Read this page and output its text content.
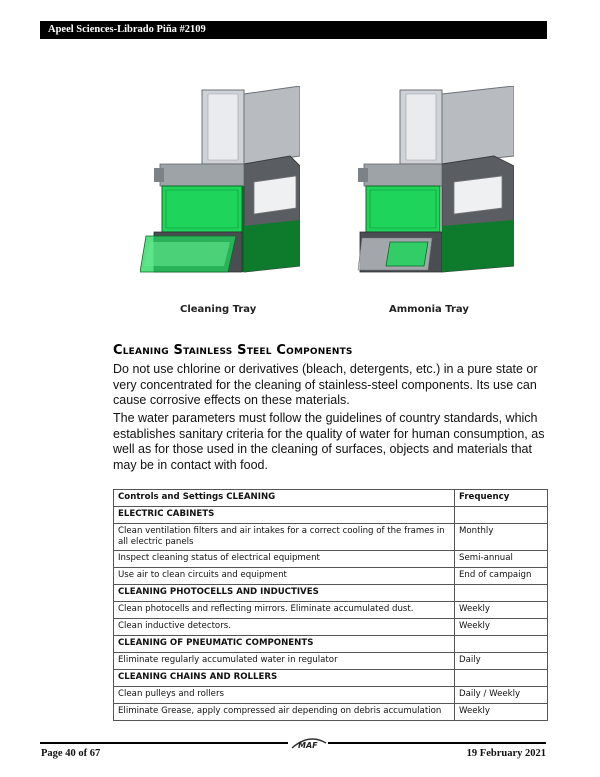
Apeel Sciences-Librado Piña #2109
Cleaning Tray	Ammonia Tray
Cleaning Stainless Steel Components

Do not use chlorine or derivatives (bleach, detergents, etc.) in a pure state or very concentrated for the cleaning of stainless-steel components. Its use can cause corrosive effects on these materials.

The water parameters must follow the guidelines of country standards, which establishes sanitary criteria for the quality of water for human consumption, as well as for those used in the cleaning of surfaces, objects and materials that may be in contact with food.

Controls and Settings CLEANING	Frequency
ELECTRIC CABINETS	
Clean ventilation filters and air intakes for a correct cooling of the frames in all electric panels	Monthly
Inspect cleaning status of electrical equipment	Semi-annual
Use air to clean circuits and equipment	End of campaign
CLEANING PHOTOCELLS AND INDUCTIVES	
Clean photocells and reflecting mirrors. Eliminate accumulated dust.	Weekly
Clean inductive detectors.	Weekly
CLEANING OF PNEUMATIC COMPONENTS	
Eliminate regularly accumulated water in regulator	Daily
CLEANING CHAINS AND ROLLERS	
Clean pulleys and rollers	Daily / Weekly
Eliminate Grease, apply compressed air depending on debris accumulation	Weekly
MAF
Page 40 of 67	19 February 2021
